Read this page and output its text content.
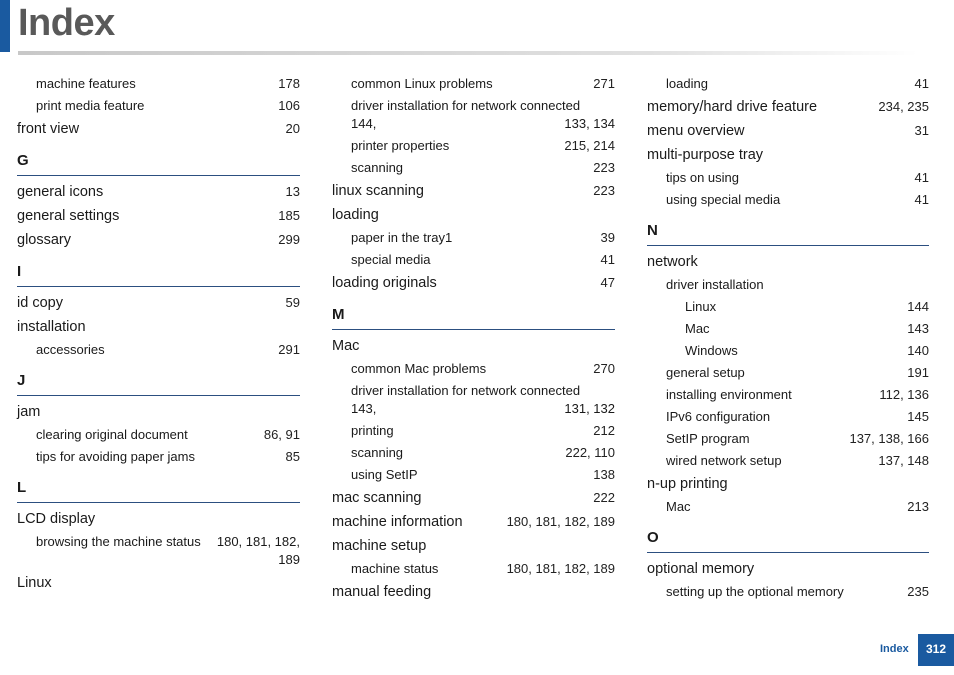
Index
machine features	178
print media feature	106
front view	20
G
general icons	13
general settings	185
glossary	299
I
id copy	59
installation
accessories	291
J
jam
clearing original document	86, 91
tips for avoiding paper jams	85
L
LCD display
browsing the machine status 180, 181, 182,
189
Linux
common Linux problems	271
driver installation for network connected
144,	133, 134
printer properties	215, 214
scanning	223
linux scanning	223
loading
paper in the tray1	39
special media	41
loading originals	47
M
Mac
common Mac problems	270
driver installation for network connected
143,	131, 132
printing	212
scanning	222, 110
using SetIP	138
mac scanning	222
machine information	180, 181, 182, 189
machine setup
machine status	180, 181, 182, 189
manual feeding
loading	41
memory/hard drive feature	234, 235
menu overview	31
multi-purpose tray
tips on using	41
using special media	41
N
network
driver installation
Linux	144
Mac	143
Windows	140
general setup	191
installing environment	112, 136
IPv6 configuration	145
SetIP program	137, 138, 166
wired network setup	137, 148
n-up printing
Mac	213
O
optional memory
setting up the optional memory	235
Index	312
